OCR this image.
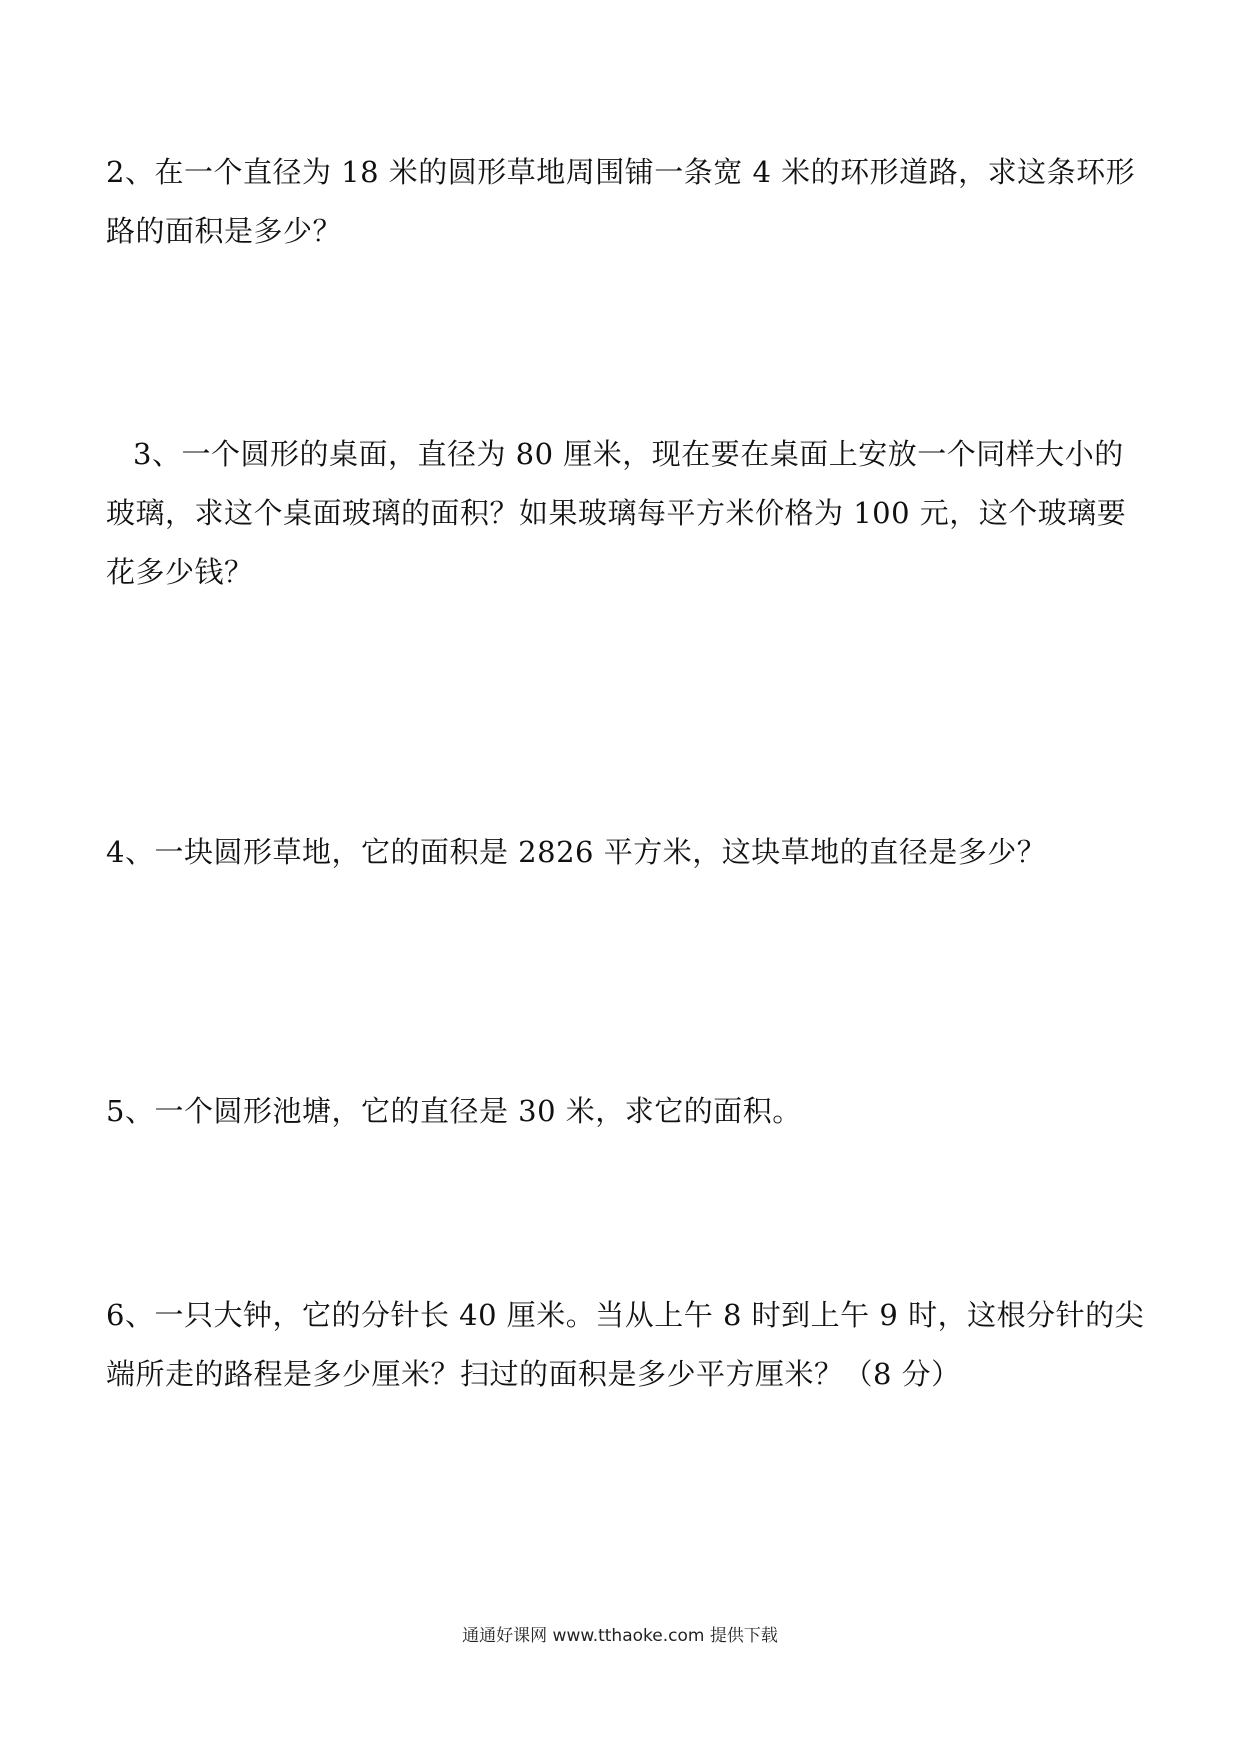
2、在一个直径为 18 米的圆形草地周围铺一条宽 4 米的环形道路，求这条环形
路的面积是多少？
3、一个圆形的桌面，直径为 80 厘米，现在要在桌面上安放一个同样大小的
玻璃，求这个桌面玻璃的面积？如果玻璃每平方米价格为 100 元，这个玻璃要
花多少钱？
4、一块圆形草地，它的面积是 2826 平方米，这块草地的直径是多少？
5、一个圆形池塘，它的直径是 30 米，求它的面积。
6、一只大钟，它的分针长 40 厘米。当从上午 8 时到上午 9 时，这根分针的尖
端所走的路程是多少厘米？扫过的面积是多少平方厘米？（8 分）
通通好课网 www.tthaoke.com 提供下载
